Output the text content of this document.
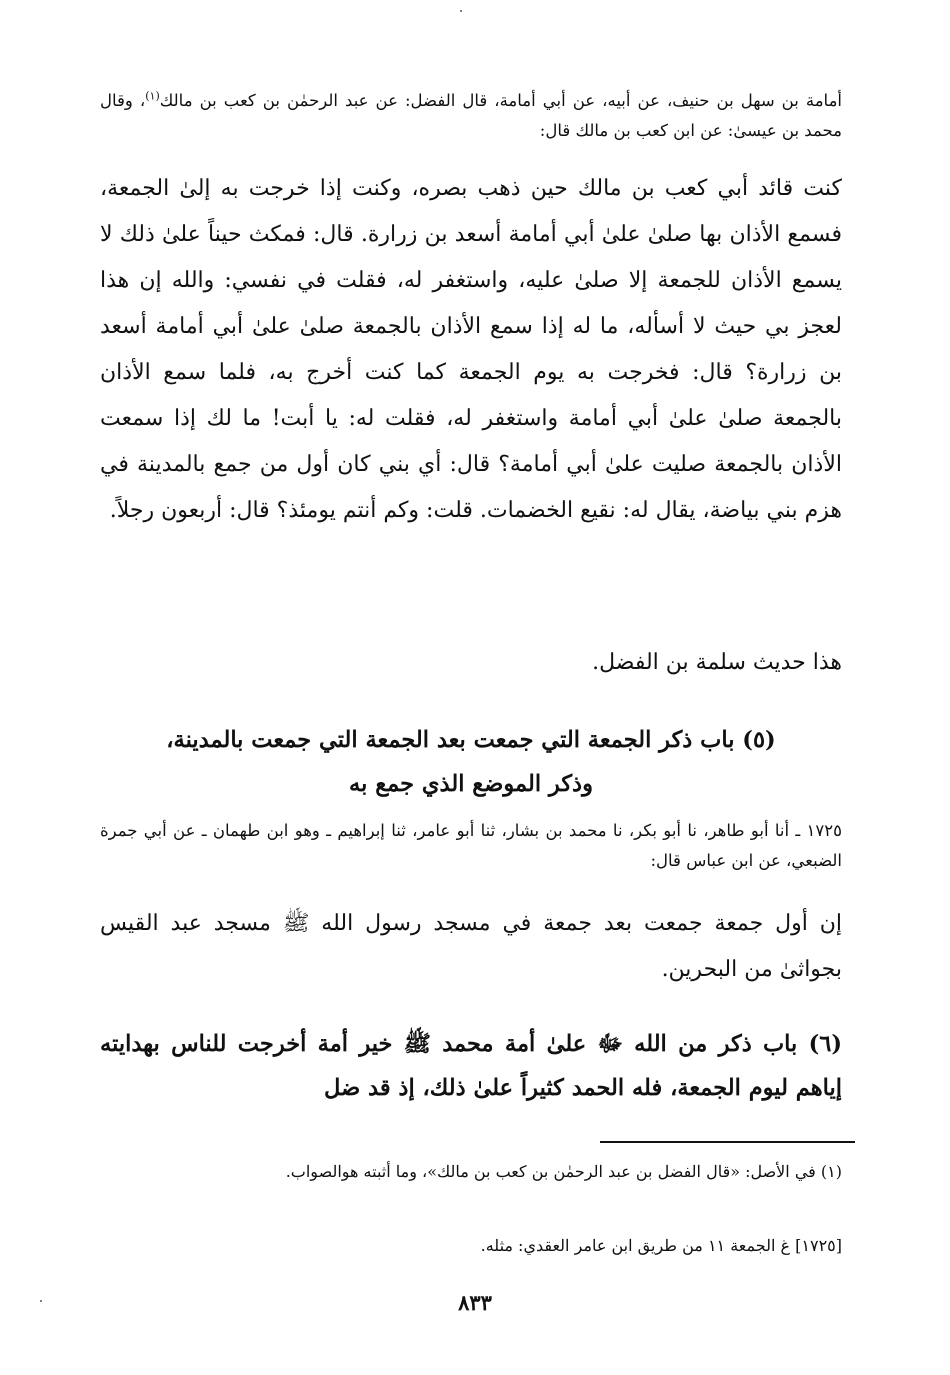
أمامة بن سهل بن حنيف، عن أبيه، عن أبي أمامة، قال الفضل: عن عبد الرحمٰن بن كعب بن مالك$^{(١)}$، وقال محمد بن عيسىٰ: عن ابن كعب بن مالك قال:

كنت قائد أبي كعب بن مالك حين ذهب بصره، وكنت إذا خرجت به إلىٰ الجمعة، فسمع الأذان بها صلىٰ علىٰ أبي أمامة أسعد بن زرارة. قال: فمكث حيناً علىٰ ذلك لا يسمع الأذان للجمعة إلا صلىٰ عليه، واستغفر له، فقلت في نفسي: والله إن هذا لعجز بي حيث لا أسأله، ما له إذا سمع الأذان بالجمعة صلىٰ علىٰ أبي أمامة أسعد بن زرارة؟ قال: فخرجت به يوم الجمعة كما كنت أخرج به، فلما سمع الأذان بالجمعة صلىٰ علىٰ أبي أمامة واستغفر له، فقلت له: يا أبت! ما لك إذا سمعت الأذان بالجمعة صليت علىٰ أبي أمامة؟ قال: أي بني كان أول من جمع بالمدينة في هزم بني بياضة، يقال له: نقيع الخضمات. قلت: وكم أنتم يومئذ؟ قال: أربعون رجلاً.

هذا حديث سلمة بن الفضل.

(٥) باب ذكر الجمعة التي جمعت بعد الجمعة التي جمعت بالمدينة،
وذكر الموضع الذي جمع به

١٧٢٥ ـ أنا أبو طاهر، نا أبو بكر، نا محمد بن بشار، ثنا أبو عامر، ثنا إبراهيم ـ وهو ابن طهمان ـ عن أبي جمرة الضبعي، عن ابن عباس قال:

إن أول جمعة جمعت بعد جمعة في مسجد رسول الله ﷺ مسجد عبد القيس بجواثىٰ من البحرين.

(٦) باب ذكر من الله ﷻ علىٰ أمة محمد ﷺ خير أمة أخرجت للناس بهدايته إياهم ليوم الجمعة، فله الحمد كثيراً علىٰ ذلك، إذ قد ضل

(١) في الأصل: «قال الفضل بن عبد الرحمٰن بن كعب بن مالك»، وما أثبته هوالصواب.

[١٧٢٥] ﻍ الجمعة ١١ من طريق ابن عامر العقدي: مثله.

٨٣٣
